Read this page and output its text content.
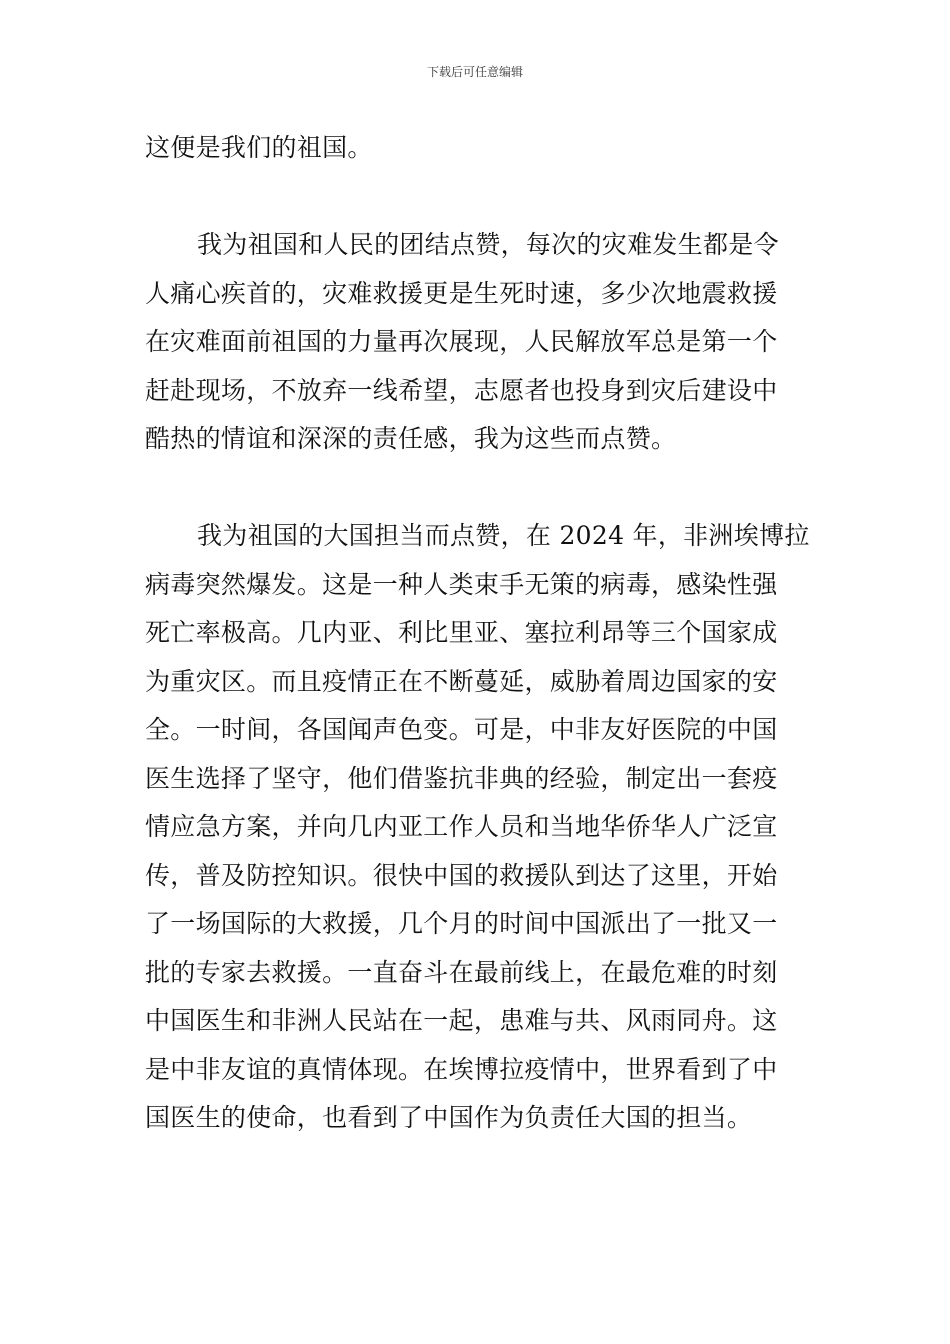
下载后可任意编辑
这便是我们的祖国。
我为祖国和人民的团结点赞，每次的灾难发生都是令
人痛心疾首的，灾难救援更是生死时速，多少次地震救援
在灾难面前祖国的力量再次展现，人民解放军总是第一个
赶赴现场，不放弃一线希望，志愿者也投身到灾后建设中
酷热的情谊和深深的责任感，我为这些而点赞。
我为祖国的大国担当而点赞，在 2024 年，非洲埃博拉
病毒突然爆发。这是一种人类束手无策的病毒，感染性强
死亡率极高。几内亚、利比里亚、塞拉利昂等三个国家成
为重灾区。而且疫情正在不断蔓延，威胁着周边国家的安
全。一时间，各国闻声色变。可是，中非友好医院的中国
医生选择了坚守，他们借鉴抗非典的经验，制定出一套疫
情应急方案，并向几内亚工作人员和当地华侨华人广泛宣
传，普及防控知识。很快中国的救援队到达了这里，开始
了一场国际的大救援，几个月的时间中国派出了一批又一
批的专家去救援。一直奋斗在最前线上，在最危难的时刻
中国医生和非洲人民站在一起，患难与共、风雨同舟。这
是中非友谊的真情体现。在埃博拉疫情中，世界看到了中
国医生的使命，也看到了中国作为负责任大国的担当。
